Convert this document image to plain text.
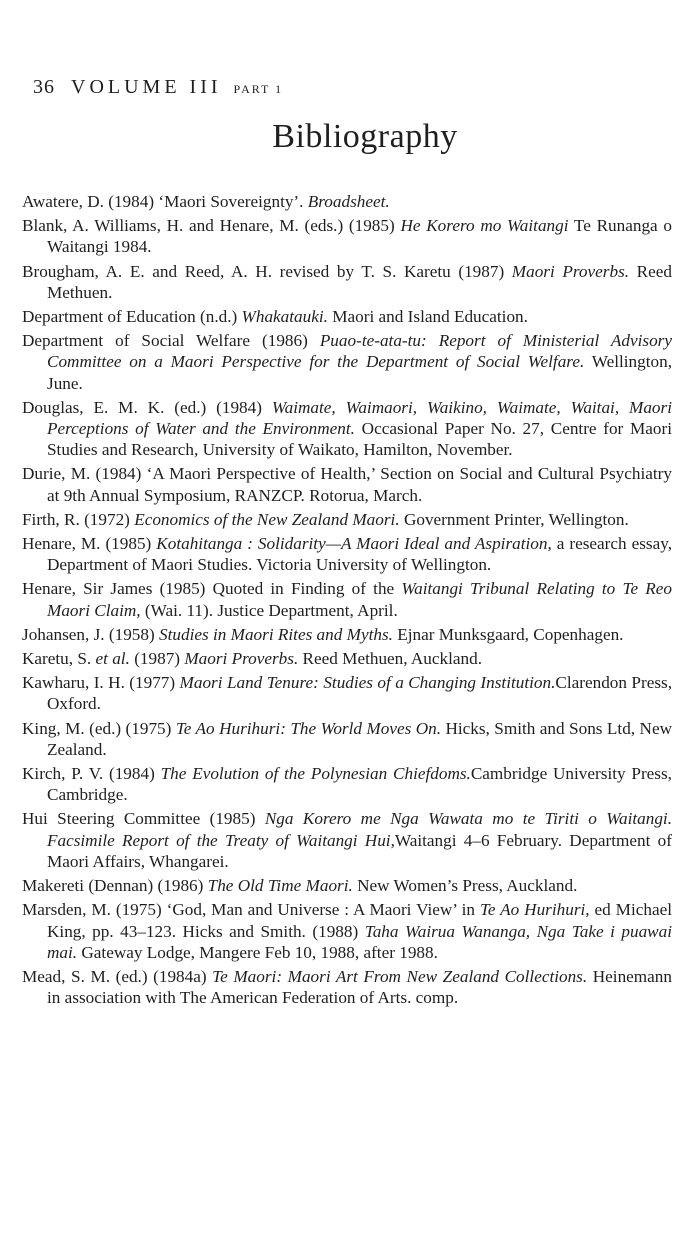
36 VOLUME III PART 1
Bibliography

Awatere, D. (1984) ‘Maori Sovereignty’. Broadsheet.

Blank, A. Williams, H. and Henare, M. (eds.) (1985) He Korero mo Waitangi Te Runanga o Waitangi 1984.

Brougham, A. E. and Reed, A. H. revised by T. S. Karetu (1987) Maori Proverbs. Reed Methuen.

Department of Education (n.d.) Whakatauki. Maori and Island Education.

Department of Social Welfare (1986) Puao-te-ata-tu: Report of Ministerial Advisory Committee on a Maori Perspective for the Department of Social Welfare. Wellington, June.

Douglas, E. M. K. (ed.) (1984) Waimate, Waimaori, Waikino, Waimate, Waitai, Maori Perceptions of Water and the Environment. Occasional Paper No. 27, Centre for Maori Studies and Research, University of Waikato, Hamilton, November.

Durie, M. (1984) ‘A Maori Perspective of Health,’ Section on Social and Cultural Psychiatry at 9th Annual Symposium, RANZCP. Rotorua, March.

Firth, R. (1972) Economics of the New Zealand Maori. Government Printer, Wellington.

Henare, M. (1985) Kotahitanga : Solidarity—A Maori Ideal and Aspiration, a research essay, Department of Maori Studies. Victoria University of Wellington.

Henare, Sir James (1985) Quoted in Finding of the Waitangi Tribunal Relating to Te Reo Maori Claim, (Wai. 11). Justice Department, April.

Johansen, J. (1958) Studies in Maori Rites and Myths. Ejnar Munksgaard, Copenhagen.

Karetu, S. et al. (1987) Maori Proverbs. Reed Methuen, Auckland.

Kawharu, I. H. (1977) Maori Land Tenure: Studies of a Changing Institution.Clarendon Press, Oxford.

King, M. (ed.) (1975) Te Ao Hurihuri: The World Moves On. Hicks, Smith and Sons Ltd, New Zealand.

Kirch, P. V. (1984) The Evolution of the Polynesian Chiefdoms.Cambridge University Press, Cambridge.

Hui Steering Committee (1985) Nga Korero me Nga Wawata mo te Tiriti o Waitangi. Facsimile Report of the Treaty of Waitangi Hui,Waitangi 4–6 February. Department of Maori Affairs, Whangarei.

Makereti (Dennan) (1986) The Old Time Maori. New Women’s Press, Auckland.

Marsden, M. (1975) ‘God, Man and Universe : A Maori View’ in Te Ao Hurihuri, ed Michael King, pp. 43–123. Hicks and Smith. (1988) Taha Wairua Wananga, Nga Take i puawai mai. Gateway Lodge, Mangere Feb 10, 1988, after 1988.

Mead, S. M. (ed.) (1984a) Te Maori: Maori Art From New Zealand Collections. Heinemann in association with The American Federation of Arts. comp.
